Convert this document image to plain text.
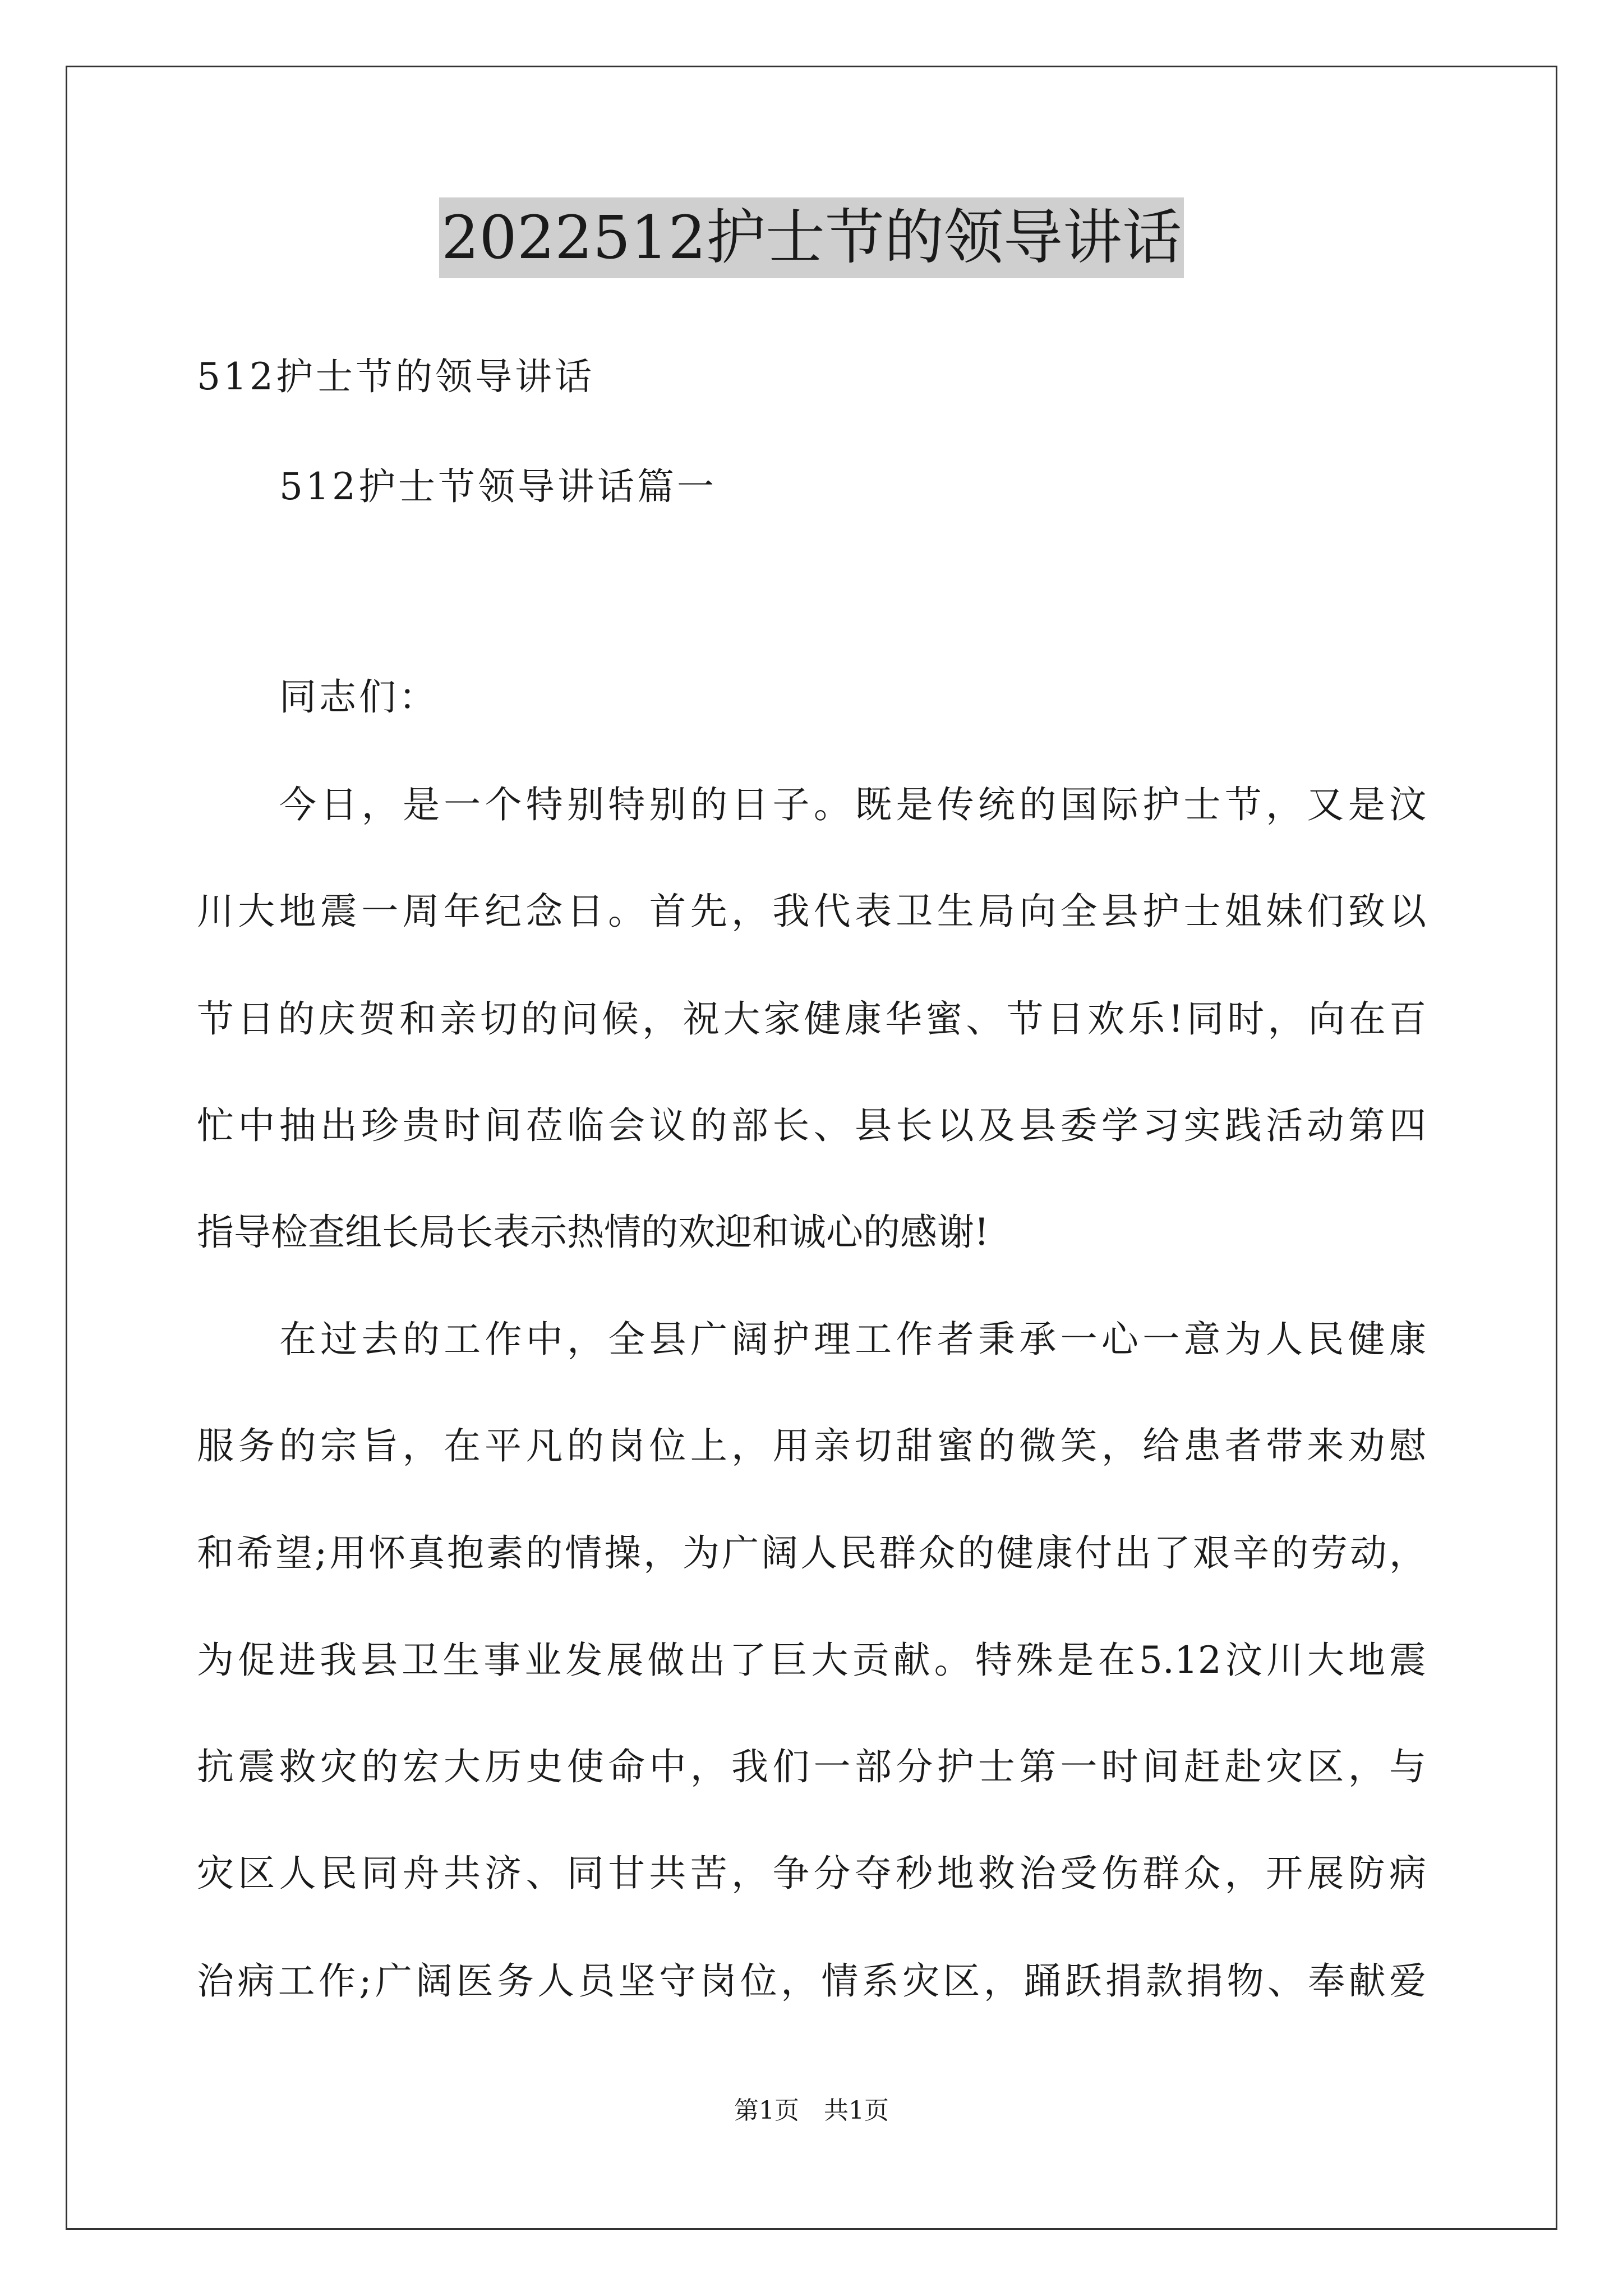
2022512护士节的领导讲话
512护士节的领导讲话
512护士节领导讲话篇一
同志们：
今日，是一个特别特别的日子。既是传统的国际护士节，又是汶
川大地震一周年纪念日。首先，我代表卫生局向全县护士姐妹们致以
节日的庆贺和亲切的问候，祝大家健康华蜜、节日欢乐!同时，向在百
忙中抽出珍贵时间莅临会议的部长、县长以及县委学习实践活动第四
指导检查组长局长表示热情的欢迎和诚心的感谢!
在过去的工作中，全县广阔护理工作者秉承一心一意为人民健康
服务的宗旨，在平凡的岗位上，用亲切甜蜜的微笑，给患者带来劝慰
和希望;用怀真抱素的情操，为广阔人民群众的健康付出了艰辛的劳动，
为促进我县卫生事业发展做出了巨大贡献。特殊是在5.12汶川大地震
抗震救灾的宏大历史使命中，我们一部分护士第一时间赶赴灾区，与
灾区人民同舟共济、同甘共苦，争分夺秒地救治受伤群众，开展防病
治病工作;广阔医务人员坚守岗位，情系灾区，踊跃捐款捐物、奉献爱
第1页　共1页
